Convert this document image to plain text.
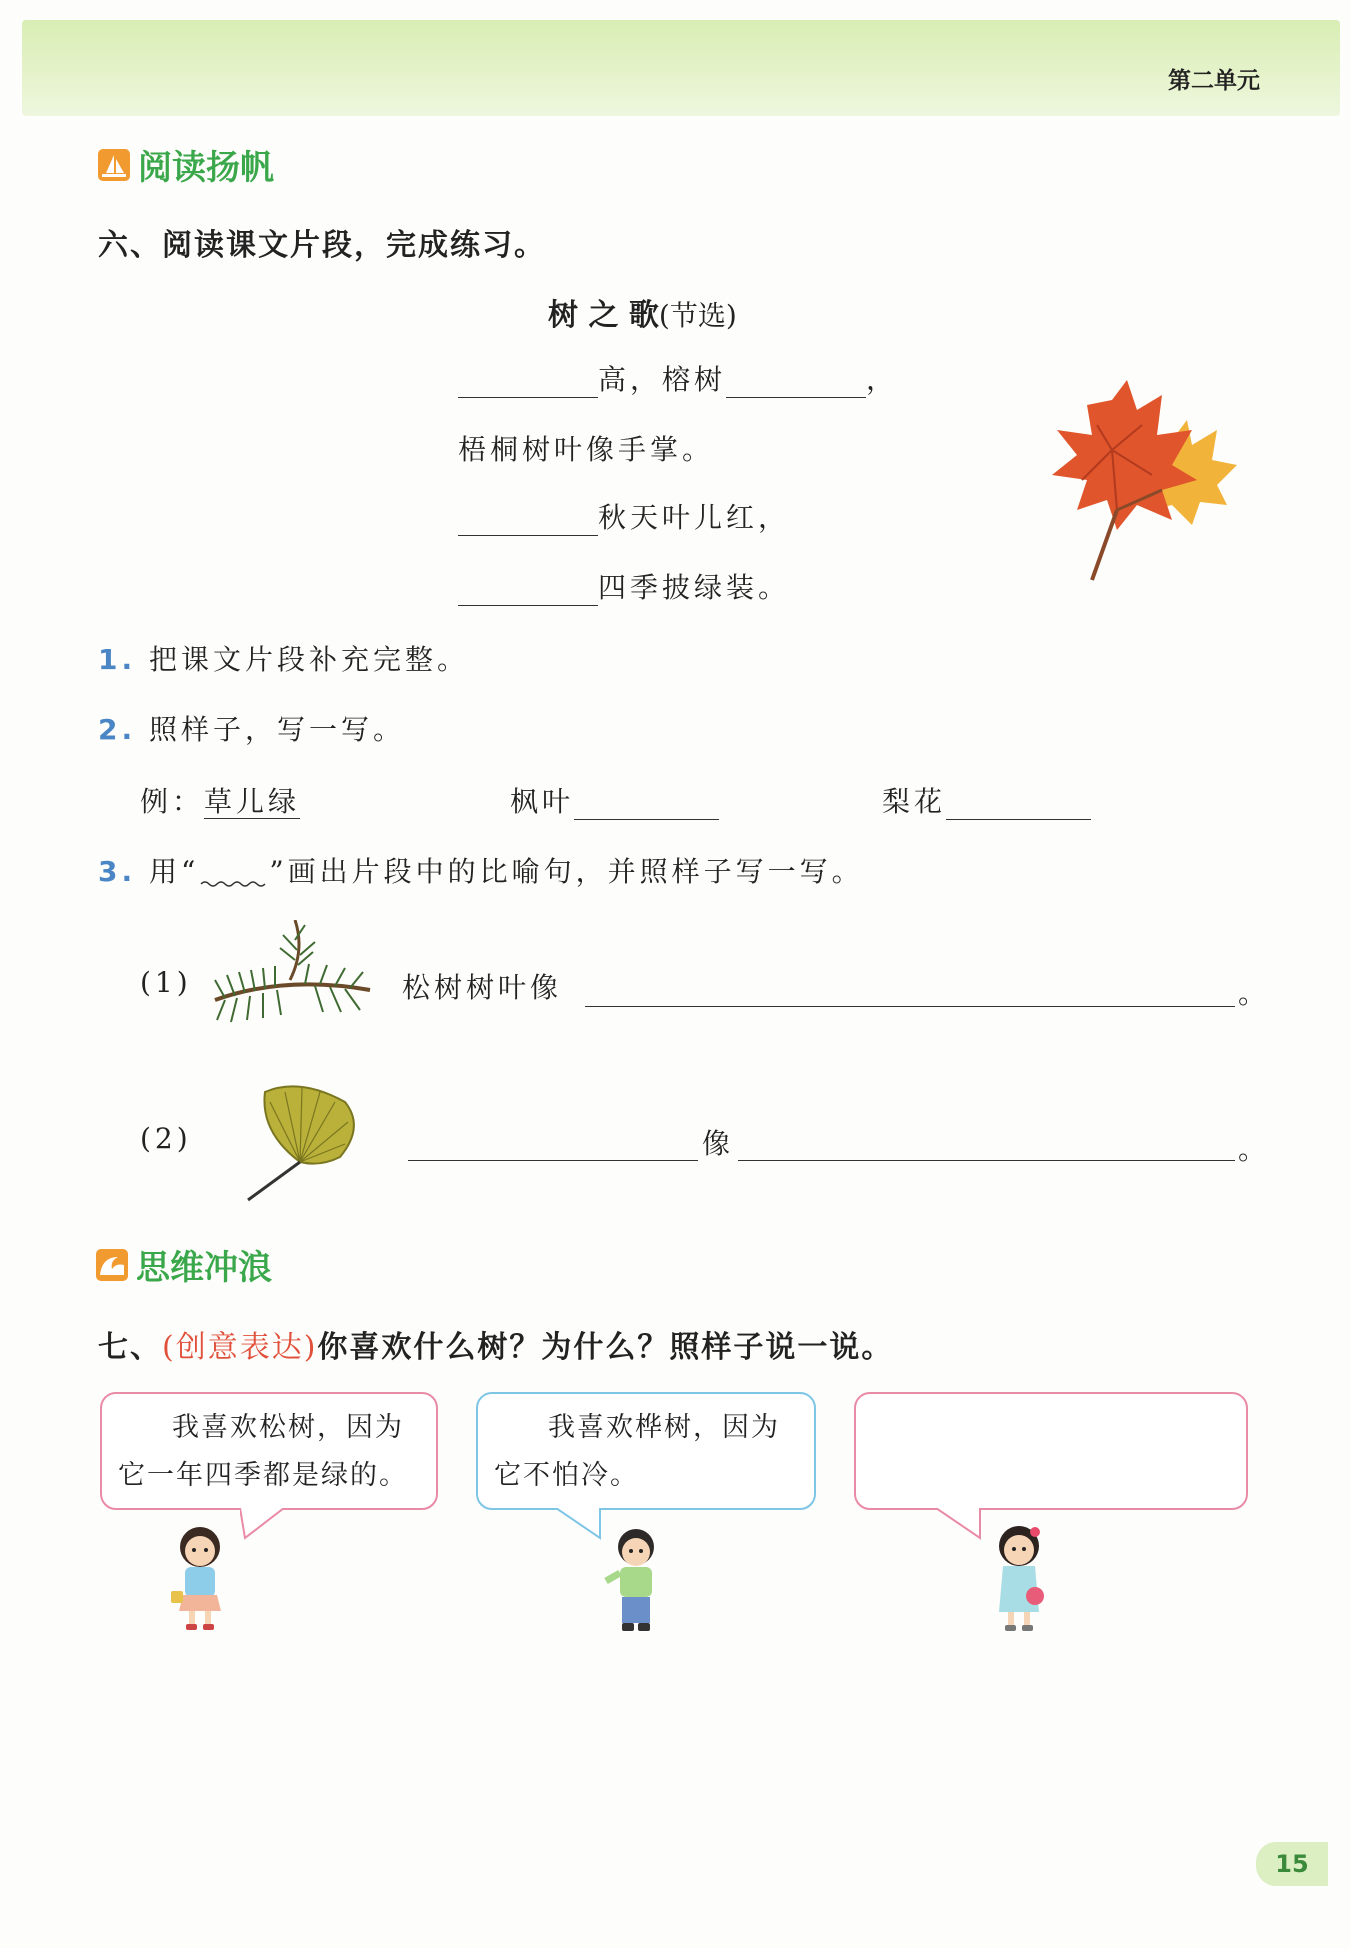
第二单元
阅读扬帆
六、阅读课文片段，完成练习。
树 之 歌(节选)
高，榕树	，
梧桐树叶像手掌。
秋天叶儿红，
四季披绿装。
1. 把课文片段补充完整。
2. 照样子，写一写。
例：草儿绿	枫叶	梨花
3. 用“	”画出片段中的比喻句，并照样子写一写。
(1)	松树树叶像	。
(2)	像	。
思维冲浪
七、(创意表达)你喜欢什么树？为什么？照样子说一说。
我喜欢松树，因为它一年四季都是绿的。
我喜欢桦树，因为它不怕冷。
15
